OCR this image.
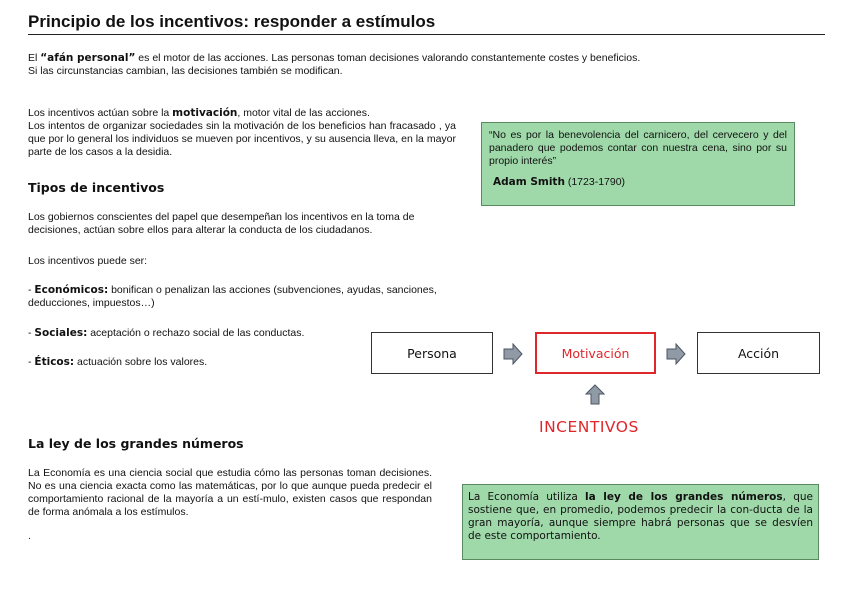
Principio de los incentivos: responder a estímulos
El “afán personal” es el motor de las acciones. Las personas toman decisiones valorando constantemente costes y beneficios.
Si las circunstancias cambian, las decisiones también se modifican.
Los incentivos actúan sobre la motivación, motor vital de las acciones.
Los intentos de organizar sociedades sin la motivación de los beneficios han fracasado , ya que por lo general los individuos se mueven por incentivos, y su ausencia lleva, en la mayor parte de los casos a la desidia.
Tipos de incentivos
Los gobiernos conscientes del papel que desempeñan los incentivos en la toma de decisiones, actúan sobre ellos para alterar la conducta de los ciudadanos.
Los incentivos puede ser:
- Económicos: bonifican o penalizan las acciones (subvenciones, ayudas, sanciones, deducciones, impuestos…)
- Sociales: aceptación o rechazo social de las conductas.
- Éticos: actuación sobre los valores.
“No es por la benevolencia del carnicero, del cervecero y del panadero que podemos contar con nuestra cena, sino por su propio interés”
Adam Smith (1723-1790)
Persona	Motivación	Acción
INCENTIVOS
La ley de los grandes números
La Economía es una ciencia social que estudia cómo las personas toman decisiones. No es una ciencia exacta como las matemáticas, por lo que aunque pueda predecir el comportamiento racional de la mayoría a un estí-mulo, existen casos que respondan de forma anómala a los estímulos.
.
La Economía utiliza la ley de los grandes números, que sostiene que, en promedio, podemos predecir la con-ducta de la gran mayoría, aunque siempre habrá personas que se desvíen de este comportamiento.
